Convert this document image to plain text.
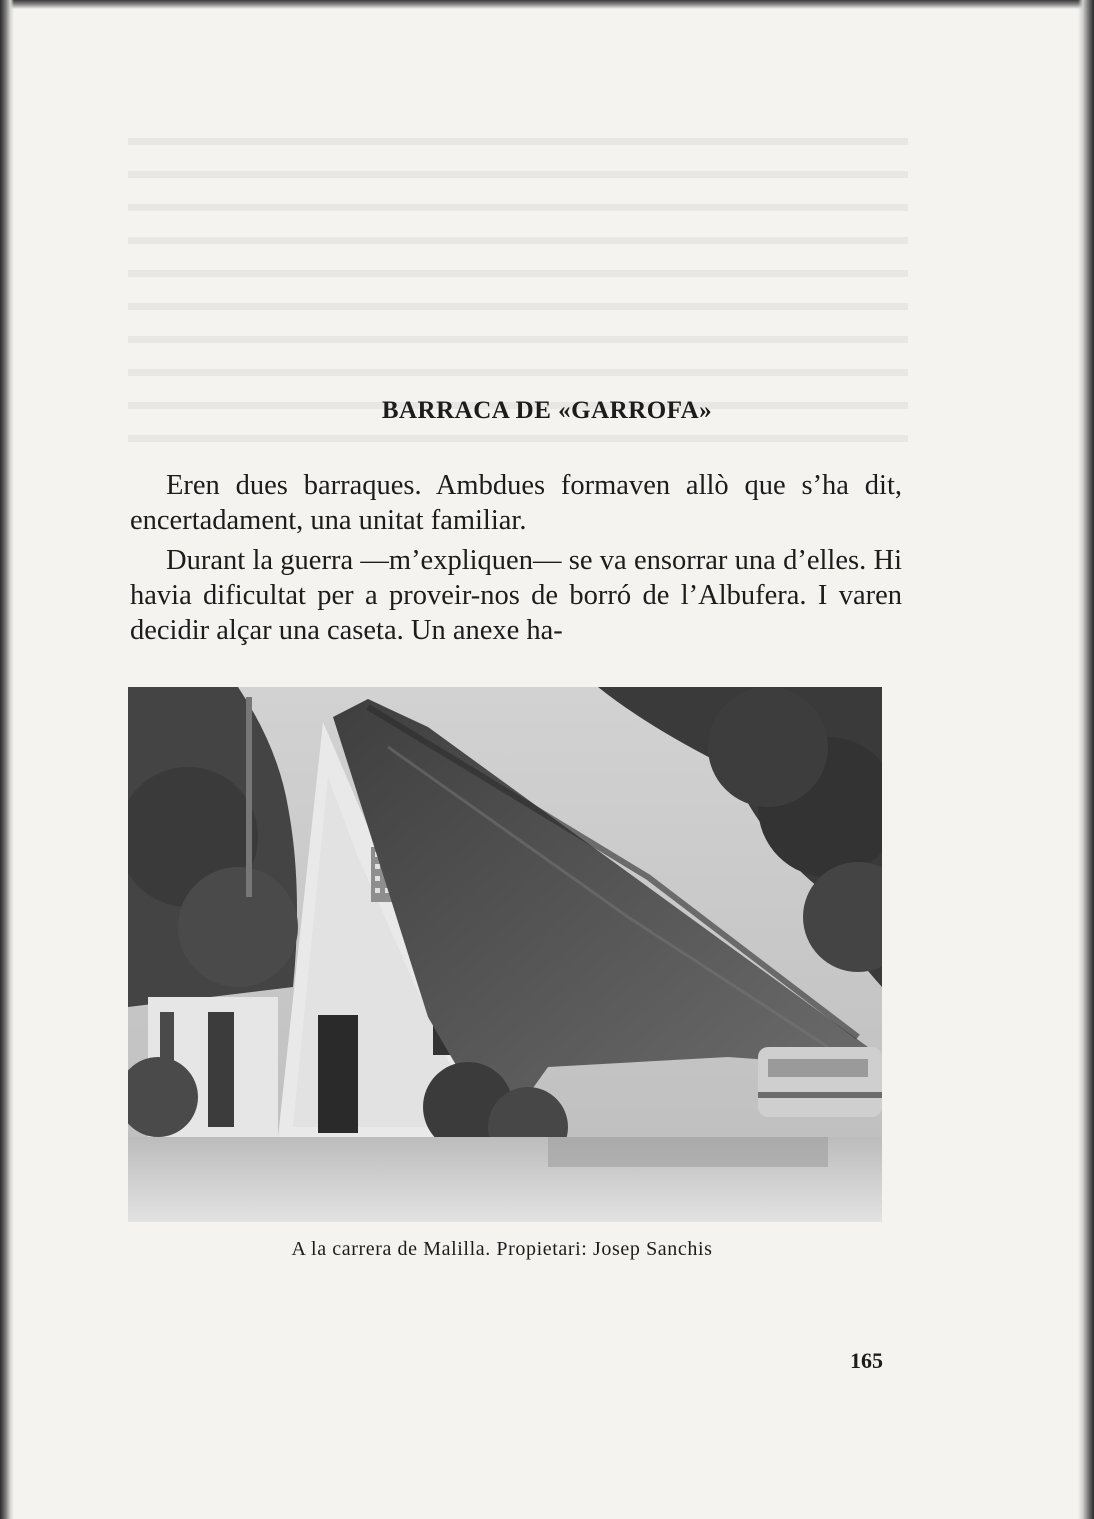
BARRACA DE «GARROFA»

Eren dues barraques. Ambdues formaven allò que s’ha dit, encertadament, una unitat familiar.

Durant la guerra —m’expliquen— se va ensorrar una d’elles. Hi havia dificultat per a proveir-nos de borró de l’Albufera. I varen decidir alçar una caseta. Un anexe ha-

A la carrera de Malilla. Propietari: Josep Sanchis

165
